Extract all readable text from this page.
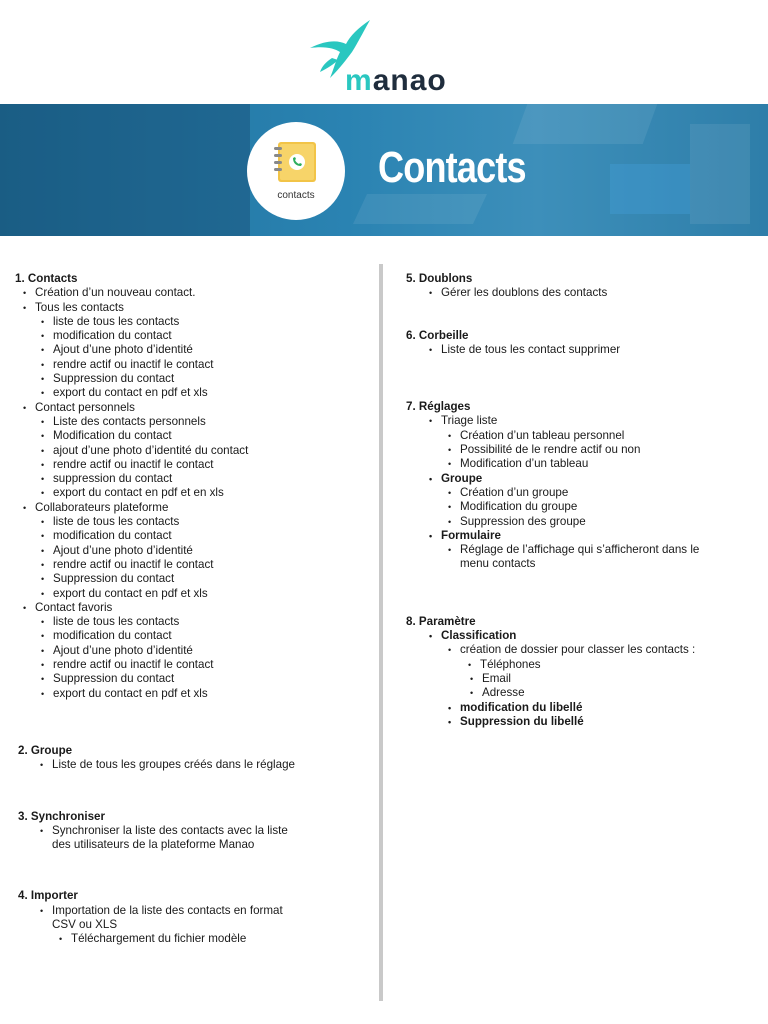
manao
contacts
Contacts
1. Contacts
• Création d’un nouveau contact.
• Tous les contacts
• liste de tous les contacts
• modification du contact
• Ajout d’une photo d’identité
• rendre actif ou inactif le contact
• Suppression du contact
• export du contact en pdf et xls
• Contact personnels
• Liste des contacts personnels
• Modification du contact
• ajout d’une photo d’identité du contact
• rendre actif ou inactif le contact
• suppression du contact
• export du contact en pdf et en xls
• Collaborateurs plateforme
• liste de tous les contacts
• modification du contact
• Ajout d’une photo d’identité
• rendre actif ou inactif le contact
• Suppression du contact
• export du contact en pdf et xls
• Contact favoris
• liste de tous les contacts
• modification du contact
• Ajout d’une photo d’identité
• rendre actif ou inactif le contact
• Suppression du contact
• export du contact en pdf et xls
2. Groupe
• Liste de tous les groupes créés dans le réglage
3. Synchroniser
• Synchroniser la liste des contacts avec la liste
des utilisateurs de la plateforme Manao
4. Importer
• Importation de la liste des contacts en format
CSV ou XLS
• Téléchargement du fichier modèle
5. Doublons
• Gérer les doublons des contacts
6. Corbeille
• Liste de tous les contact supprimer
7. Réglages
• Triage liste
• Création d’un tableau personnel
• Possibilité de le rendre actif ou non
• Modification d’un tableau
• Groupe
• Création d’un groupe
• Modification du groupe
• Suppression des groupe
• Formulaire
• Réglage de l’affichage qui s’afficheront dans le
menu contacts
8. Paramètre
• Classification
• création de dossier pour classer les contacts :
• Téléphones
• Email
• Adresse
• modification du libellé
• Suppression du libellé
